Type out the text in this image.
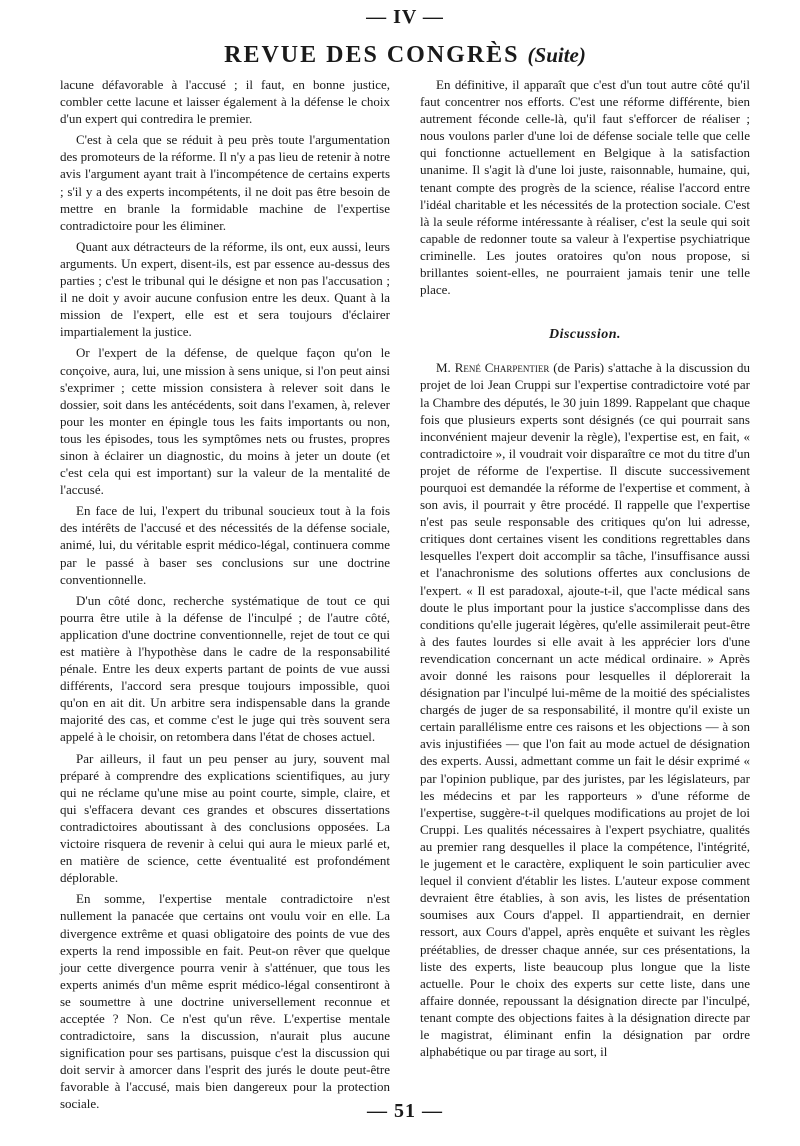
— IV —
REVUE DES CONGRÈS (Suite)

lacune défavorable à l'accusé ; il faut, en bonne justice, combler cette lacune et laisser également à la défense le choix d'un expert qui contredira le premier.

C'est à cela que se réduit à peu près toute l'argumentation des promoteurs de la réforme. Il n'y a pas lieu de retenir à notre avis l'argument ayant trait à l'incompétence de certains experts ; s'il y a des experts incompétents, il ne doit pas être besoin de mettre en branle la formidable machine de l'expertise contradictoire pour les éliminer.

Quant aux détracteurs de la réforme, ils ont, eux aussi, leurs arguments. Un expert, disent-ils, est par essence au-dessus des parties ; c'est le tribunal qui le désigne et non pas l'accusation ; il ne doit y avoir aucune confusion entre les deux. Quant à la mission de l'expert, elle est et sera toujours d'éclairer impartialement la justice.

Or l'expert de la défense, de quelque façon qu'on le conçoive, aura, lui, une mission à sens unique, si l'on peut ainsi s'exprimer ; cette mission consistera à relever soit dans le dossier, soit dans les antécédents, soit dans l'examen, à, relever pour les monter en épingle tous les faits importants ou non, tous les épisodes, tous les symptômes nets ou frustes, propres sinon à éclairer un diagnostic, du moins à jeter un doute (et c'est cela qui est important) sur la valeur de la mentalité de l'accusé.

En face de lui, l'expert du tribunal soucieux tout à la fois des intérêts de l'accusé et des nécessités de la défense sociale, animé, lui, du véritable esprit médico-légal, continuera comme par le passé à baser ses conclusions sur une doctrine conventionnelle.

D'un côté donc, recherche systématique de tout ce qui pourra être utile à la défense de l'inculpé ; de l'autre côté, application d'une doctrine conventionnelle, rejet de tout ce qui est matière à l'hypothèse dans le cadre de la responsabilité pénale. Entre les deux experts partant de points de vue aussi différents, l'accord sera presque toujours impossible, quoi qu'on en ait dit. Un arbitre sera indispensable dans la grande majorité des cas, et comme c'est le juge qui très souvent sera appelé à le choisir, on retombera dans l'état de choses actuel.

Par ailleurs, il faut un peu penser au jury, souvent mal préparé à comprendre des explications scientifiques, au jury qui ne réclame qu'une mise au point courte, simple, claire, et qui s'effacera devant ces grandes et obscures dissertations contradictoires aboutissant à des conclusions opposées. La victoire risquera de revenir à celui qui aura le mieux parlé et, en matière de science, cette éventualité est profondément déplorable.

En somme, l'expertise mentale contradictoire n'est nullement la panacée que certains ont voulu voir en elle. La divergence extrême et quasi obligatoire des points de vue des experts la rend impossible en fait. Peut-on rêver que quelque jour cette divergence pourra venir à s'atténuer, que tous les experts animés d'un même esprit médico-légal consentiront à se soumettre à une doctrine universellement reconnue et acceptée ? Non. Ce n'est qu'un rêve. L'expertise mentale contradictoire, sans la discussion, n'aurait plus aucune signification pour ses partisans, puisque c'est la discussion qui doit servir à amorcer dans l'esprit des jurés le doute peut-être favorable à l'accusé, mais bien dangereux pour la protection sociale.

En définitive, il apparaît que c'est d'un tout autre côté qu'il faut concentrer nos efforts. C'est une réforme différente, bien autrement féconde celle-là, qu'il faut s'efforcer de réaliser ; nous voulons parler d'une loi de défense sociale telle que celle qui fonctionne actuellement en Belgique à la satisfaction unanime. Il s'agit là d'une loi juste, raisonnable, humaine, qui, tenant compte des progrès de la science, réalise l'accord entre l'idéal charitable et les nécessités de la protection sociale. C'est là la seule réforme intéressante à réaliser, c'est la seule qui soit capable de redonner toute sa valeur à l'expertise psychiatrique criminelle. Les joutes oratoires qu'on nous propose, si brillantes soient-elles, ne pourraient jamais tenir une telle place.

Discussion.

M. René Charpentier (de Paris) s'attache à la discussion du projet de loi Jean Cruppi sur l'expertise contradictoire voté par la Chambre des députés, le 30 juin 1899. Rappelant que chaque fois que plusieurs experts sont désignés (ce qui pourrait sans inconvénient majeur devenir la règle), l'expertise est, en fait, « contradictoire », il voudrait voir disparaître ce mot du titre d'un projet de réforme de l'expertise. Il discute successivement pourquoi est demandée la réforme de l'expertise et comment, à son avis, il pourrait y être procédé. Il rappelle que l'expertise n'est pas seule responsable des critiques qu'on lui adresse, critiques dont certaines visent les conditions regrettables dans lesquelles l'expert doit accomplir sa tâche, l'insuffisance aussi et l'anachronisme des solutions offertes aux conclusions de l'expert. « Il est paradoxal, ajoute-t-il, que l'acte médical sans doute le plus important pour la justice s'accomplisse dans des conditions qu'elle jugerait légères, qu'elle assimilerait peut-être à des fautes lourdes si elle avait à les apprécier lors d'une revendication concernant un acte médical ordinaire. » Après avoir donné les raisons pour lesquelles il déplorerait la désignation par l'inculpé lui-même de la moitié des spécialistes chargés de juger de sa responsabilité, il montre qu'il existe un certain parallélisme entre ces raisons et les objections — à son avis injustifiées — que l'on fait au mode actuel de désignation des experts. Aussi, admettant comme un fait le désir exprimé « par l'opinion publique, par des juristes, par les législateurs, par les médecins et par les rapporteurs » d'une réforme de l'expertise, suggère-t-il quelques modifications au projet de loi Cruppi. Les qualités nécessaires à l'expert psychiatre, qualités au premier rang desquelles il place la compétence, l'intégrité, le jugement et le caractère, expliquent le soin particulier avec lequel il convient d'établir les listes. L'auteur expose comment devraient être établies, à son avis, les listes de présentation soumises aux Cours d'appel. Il appartiendrait, en dernier ressort, aux Cours d'appel, après enquête et suivant les règles préétablies, de dresser chaque année, sur ces présentations, la liste des experts, liste beaucoup plus longue que la liste actuelle. Pour le choix des experts sur cette liste, dans une affaire donnée, repoussant la désignation directe par l'inculpé, tenant compte des objections faites à la désignation directe par le magistrat, éliminant enfin la désignation par ordre alphabétique ou par tirage au sort, il

— 51 —
